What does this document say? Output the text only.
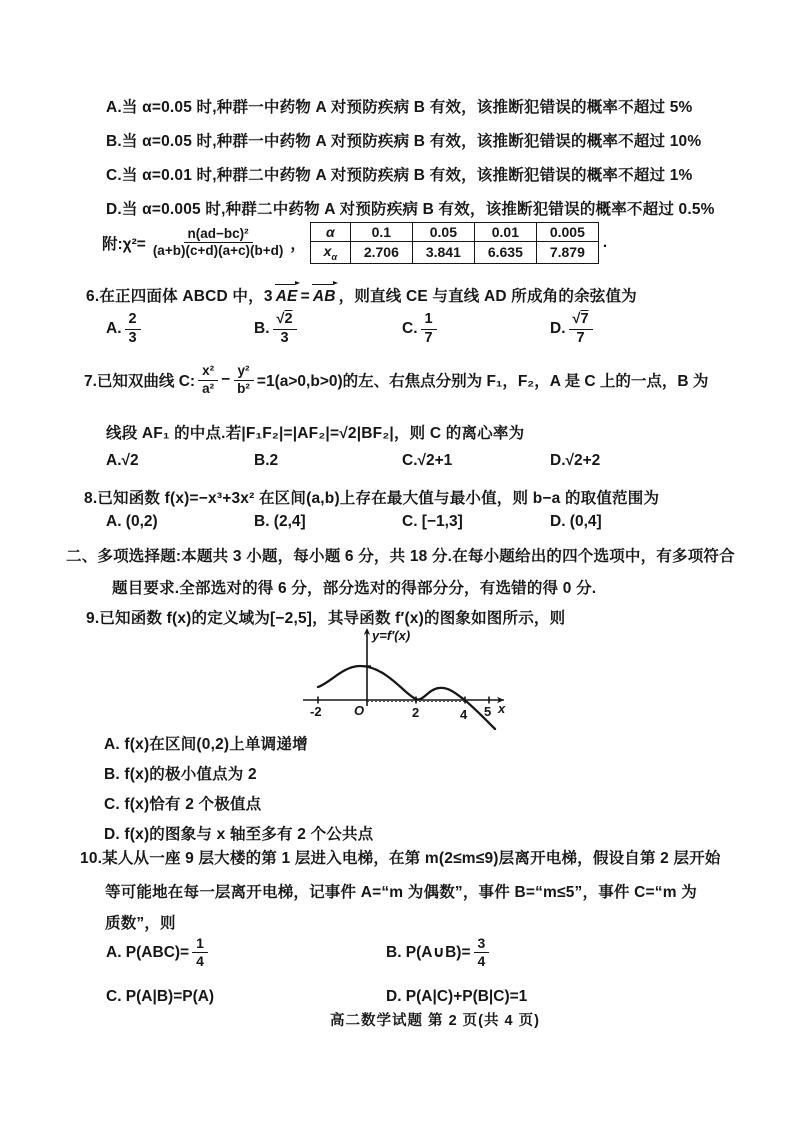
A.当 α=0.05 时,种群一中药物 A 对预防疾病 B 有效，该推断犯错误的概率不超过 5%
B.当 α=0.05 时,种群一中药物 A 对预防疾病 B 有效，该推断犯错误的概率不超过 10%
C.当 α=0.01 时,种群二中药物 A 对预防疾病 B 有效，该推断犯错误的概率不超过 1%
D.当 α=0.005 时,种群二中药物 A 对预防疾病 B 有效，该推断犯错误的概率不超过 0.5%
附:χ²= $\frac{\text{n(ad−bc)²}}{(a+b)(c+d)(a+c)(b+d)}$ ，
α	0.1	0.05	0.01	0.005
$x_\alpha$	2.706	3.841	6.635	7.879
.
6.在正四面体 ABCD 中，3 AE = AB ，则直线 CE 与直线 AD 所成角的余弦值为
A. $\frac{2}{3}$	B. $\frac{√2}{3}$	C. $\frac{1}{7}$	D. $\frac{√7}{7}$
7.已知双曲线 C: $\frac{\text{x²}}{\text{a²}} - \frac{\text{y²}}{\text{b²}} =1(a>0,b>0)$的左、右焦点分别为 F₁，F₂，A 是 C 上的一点，B 为
线段 AF₁ 的中点.若|F₁F₂|=|AF₂|=√2|BF₂|，则 C 的离心率为
A.√2	B.2	C.√2+1	D.√2+2
8.已知函数 f(x)=−x³+3x² 在区间(a,b)上存在最大值与最小值，则 b−a 的取值范围为
A. (0,2)	B. (2,4]	C. [−1,3]	D. (0,4]
二、多项选择题:本题共 3 小题，每小题 6 分，共 18 分.在每小题给出的四个选项中，有多项符合
题目要求.全部选对的得 6 分，部分选对的得部分分，有选错的得 0 分.
9.已知函数 f(x)的定义域为[−2,5]，其导函数 f′(x)的图象如图所示，则
y=f′(x)
-2 O	2	4 5 x
A. f(x)在区间(0,2)上单调递增
B. f(x)的极小值点为 2
C. f(x)恰有 2 个极值点
D. f(x)的图象与 x 轴至多有 2 个公共点
10.某人从一座 9 层大楼的第 1 层进入电梯，在第 m(2≤m≤9)层离开电梯，假设自第 2 层开始
等可能地在每一层离开电梯，记事件 A=“m 为偶数”，事件 B=“m≤5”，事件 C=“m 为
质数”，则
A. $P(ABC)= \frac{1}{4}$	B. P(A∪B)= $\frac{3}{4}$
C. P(A|B)=P(A)	D. P(A|C)+P(B|C)=1
高二数学试题 第 2 页(共 4 页)
